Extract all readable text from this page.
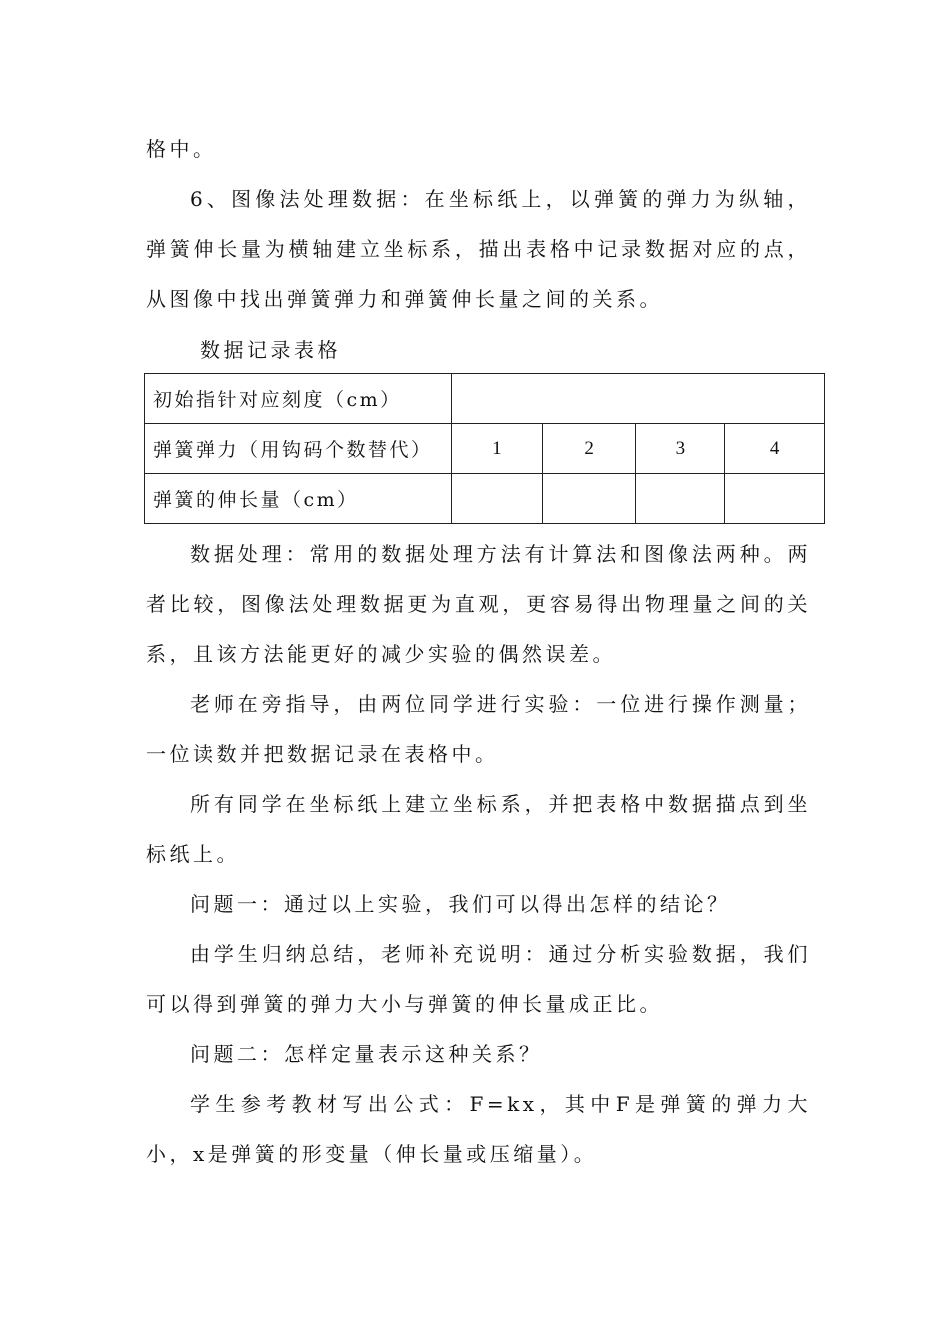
格中。

6、图像法处理数据：在坐标纸上，以弹簧的弹力为纵轴，弹簧伸长量为横轴建立坐标系，描出表格中记录数据对应的点，从图像中找出弹簧弹力和弹簧伸长量之间的关系。

数据记录表格

初始指针对应刻度（cm）				
弹簧弹力（用钩码个数替代）	1	2	3	4
弹簧的伸长量（cm）				

数据处理：常用的数据处理方法有计算法和图像法两种。两者比较，图像法处理数据更为直观，更容易得出物理量之间的关系，且该方法能更好的减少实验的偶然误差。

老师在旁指导，由两位同学进行实验：一位进行操作测量；一位读数并把数据记录在表格中。

所有同学在坐标纸上建立坐标系，并把表格中数据描点到坐标纸上。

问题一：通过以上实验，我们可以得出怎样的结论？

由学生归纳总结，老师补充说明：通过分析实验数据，我们可以得到弹簧的弹力大小与弹簧的伸长量成正比。

问题二：怎样定量表示这种关系？

学生参考教材写出公式：F=kx，其中F是弹簧的弹力大小，x是弹簧的形变量（伸长量或压缩量）。
